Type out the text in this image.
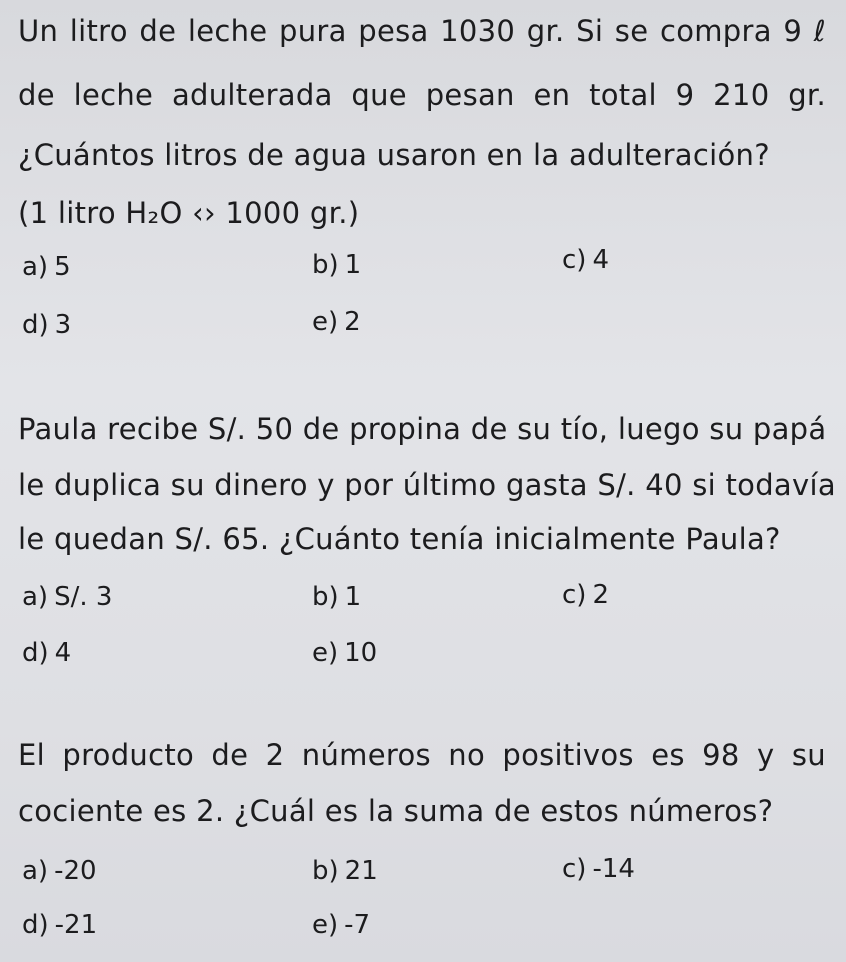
Un litro de leche pura pesa 1030 gr. Si se compra 9 ℓ
de leche adulterada que pesan en total 9 210 gr.
¿Cuántos litros de agua usaron en la adulteración?
(1 litro H₂O ‹› 1000 gr.)
a) 5	b) 1	c) 4
d) 3	e) 2
Paula recibe S/. 50 de propina de su tío, luego su papá
le duplica su dinero y por último gasta S/. 40 si todavía
le quedan S/. 65. ¿Cuánto tenía inicialmente Paula?
a) S/. 3	b) 1	c) 2
d) 4	e) 10
El producto de 2 números no positivos es 98 y su
cociente es 2. ¿Cuál es la suma de estos números?
a) -20	b) 21	c) -14
d) -21	e) -7
